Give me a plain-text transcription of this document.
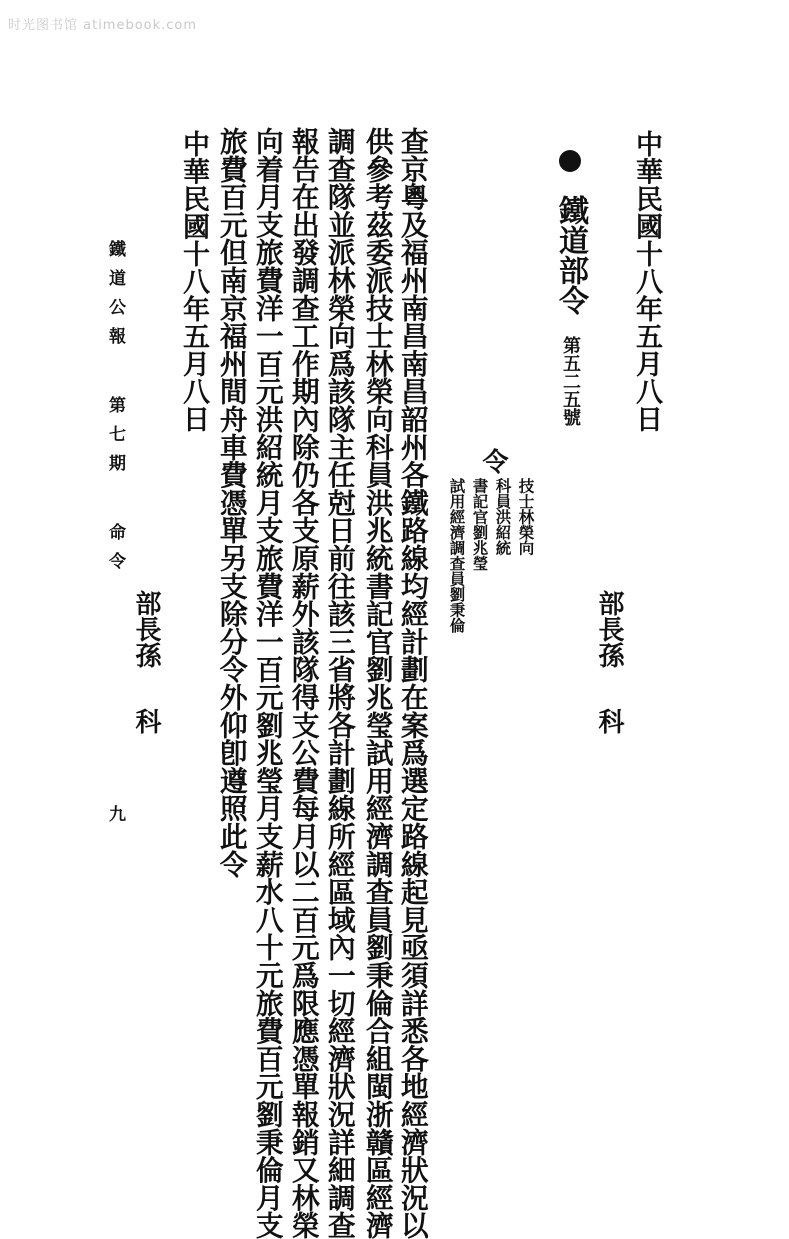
时光图书馆 atimebook.com
中華民國十八年五月八日
鐵道部令 第五二五號
部長孫科
令
技士林榮向
科員洪紹統
書記官劉兆瑩
試用經濟調查員劉秉倫
查京粵及福州南昌南昌韶州各鐵路線均經計劃在案爲選定路線起見亟須詳悉各地經濟狀況以
供參考茲委派技士林榮向科員洪兆統書記官劉兆瑩試用經濟調查員劉秉倫合組閩浙贛區經濟
調查隊並派林榮向爲該隊主任尅日前往該三省將各計劃線所經區域內一切經濟狀況詳細調查
報告在出發調查工作期內除仍各支原薪外該隊得支公費每月以二百元爲限應憑單報銷又林榮
向着月支旅費洋一百元洪紹統月支旅費洋一百元劉兆瑩月支薪水八十元旅費百元劉秉倫月支
旅費百元但南京福州間舟車費憑單另支除分令外仰卽遵照此令
中華民國十八年五月八日
部長孫科
鐵道公報第七期命令
九
